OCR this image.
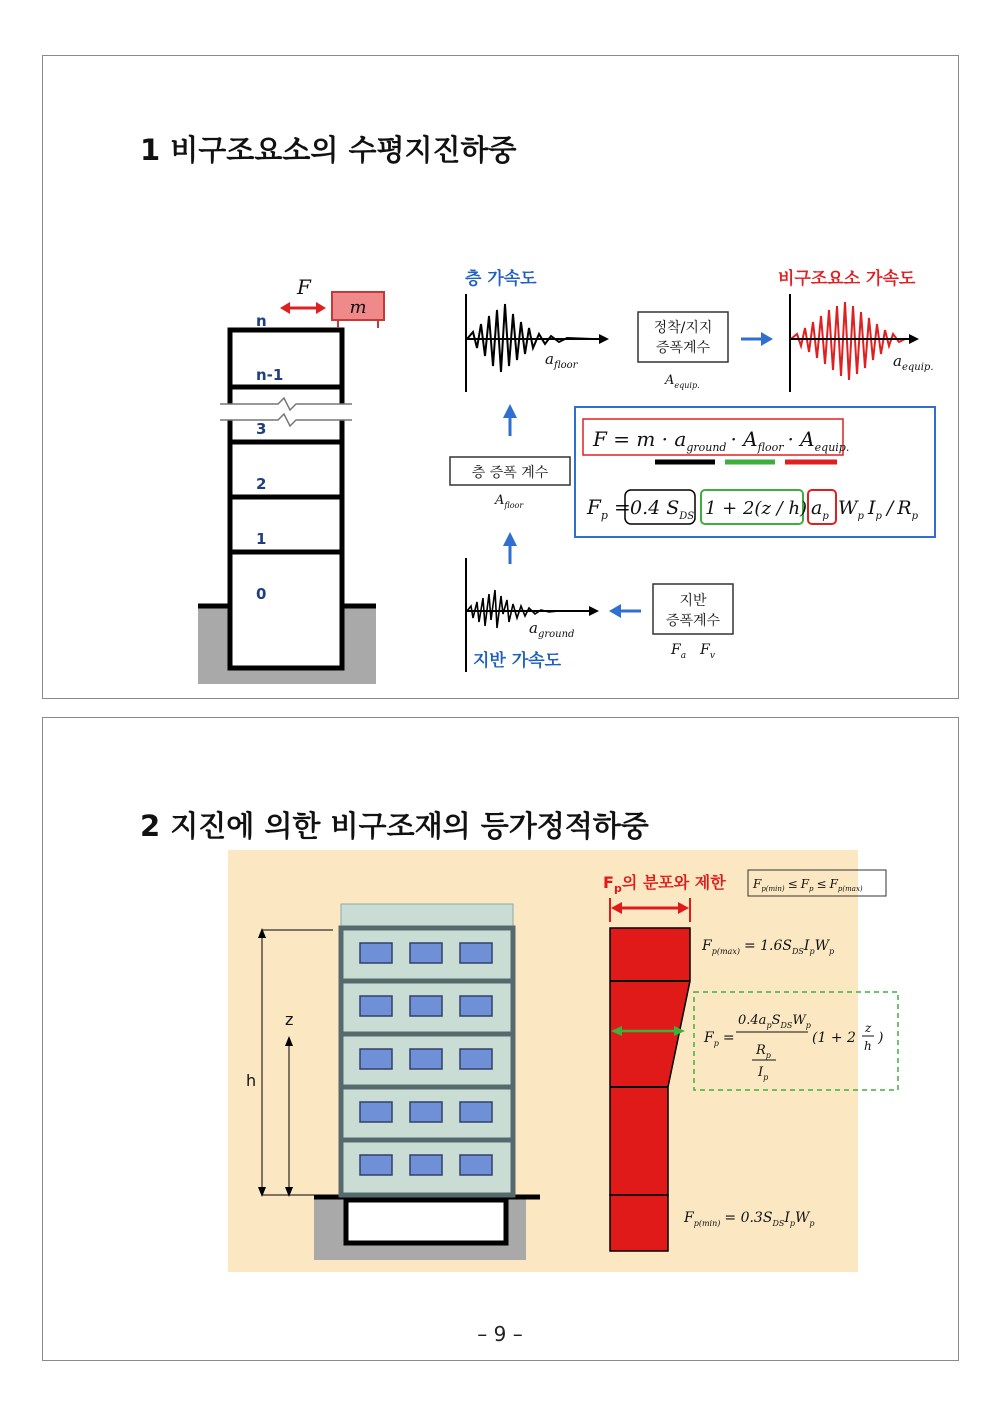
1 비구조요소의 수평지진하중
m
F
n
n-1
3
2
1
0
층 가속도
$a_{floor}$
정착/지지
증폭계수
$A_{equip.}$
비구조요소 가속도
$a_{equip.}$
층 증폭 계수
$A_{floor}$
$F = m \cdot a_{ground} \cdot A_{floor} \cdot A_{equip.}$
$F_p = 0.4$ $S_{DS}$ 1 + 2(z / h) $a_p$ $W_p$ $I_p / R_p$
$a_{ground}$
지반 가속도
지반
증폭계수
$F_a$ $F_v$
2 지진에 의한 비구조재의 등가정적하중
h
z
$F_p$의 분포와 제한 $F_{p(min)} \le F_p \le F_{p(max)}$
$F_{p(max)} = 1.6S_{DS}I_pW_p$
$F_{p(min)} = 0.3S_{DS}I_pW_p$
$F_p$ =
$0.4a_pS_{DS}W_p$
$R_p$
$I_p$
(1 + 2
z
h )
– 9 –
